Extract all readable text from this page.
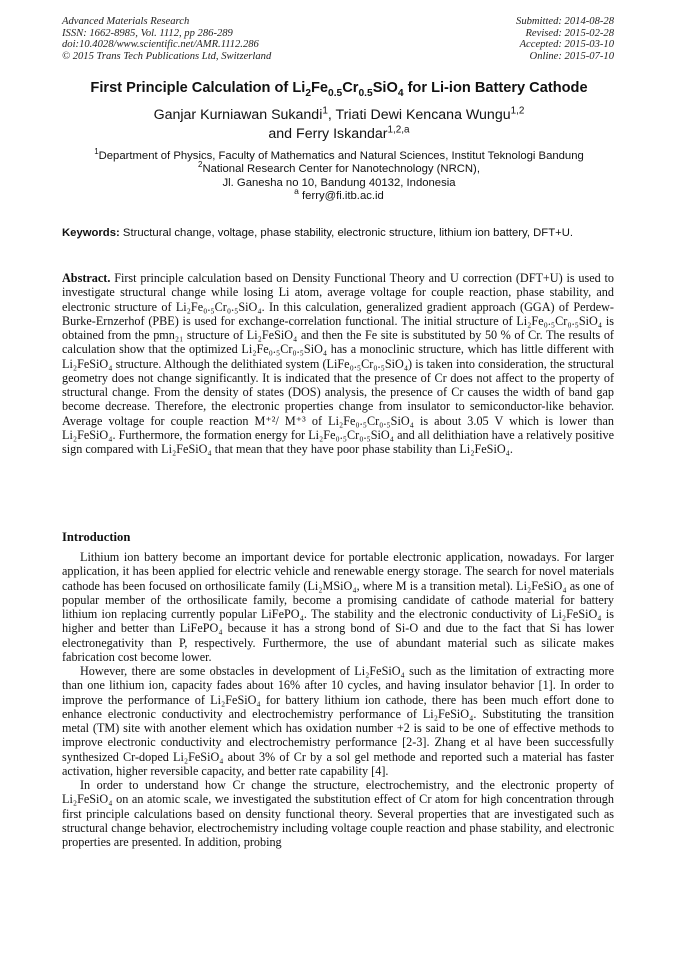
Advanced Materials Research
ISSN: 1662-8985, Vol. 1112, pp 286-289
doi:10.4028/www.scientific.net/AMR.1112.286
© 2015 Trans Tech Publications Ltd, Switzerland
Submitted: 2014-08-28
Revised: 2015-02-28
Accepted: 2015-03-10
Online: 2015-07-10
First Principle Calculation of $Li_2Fe_{0.5}Cr_{0.5}SiO_4$ for Li-ion Battery Cathode
Ganjar Kurniawan Sukandi$^1$, Triati Dewi Kencana Wungu$^{1,2}$
and Ferry Iskandar$^{1,2,a}$
$^1$Department of Physics, Faculty of Mathematics and Natural Sciences, Institut Teknologi Bandung
$^2$National Research Center for Nanotechnology (NRCN),
Jl. Ganesha no 10, Bandung 40132, Indonesia
$^a$ ferry@fi.itb.ac.id
Keywords: Structural change, voltage, phase stability, electronic structure, lithium ion battery, DFT+U.
Abstract. First principle calculation based on Density Functional Theory and U correction (DFT+U) is used to investigate structural change while losing Li atom, average voltage for couple reaction, phase stability, and electronic structure of Li₂Fe₀.₅Cr₀.₅SiO₄. In this calculation, generalized gradient approach (GGA) of Perdew-Burke-Ernzerhof (PBE) is used for exchange-correlation functional. The initial structure of Li₂Fe₀.₅Cr₀.₅SiO₄ is obtained from the pmn₂₁ structure of Li₂FeSiO₄ and then the Fe site is substituted by 50 % of Cr. The results of calculation show that the optimized Li₂Fe₀.₅Cr₀.₅SiO₄ has a monoclinic structure, which has little different with Li₂FeSiO₄ structure. Although the delithiated system (LiFe₀.₅Cr₀.₅SiO₄) is taken into consideration, the structural geometry does not change significantly. It is indicated that the presence of Cr does not affect to the property of structural change. From the density of states (DOS) analysis, the presence of Cr causes the width of band gap become decrease. Therefore, the electronic properties change from insulator to semiconductor-like behavior. Average voltage for couple reaction M⁺²/ M⁺³ of Li₂Fe₀.₅Cr₀.₅SiO₄ is about 3.05 V which is lower than Li₂FeSiO₄. Furthermore, the formation energy for Li₂Fe₀.₅Cr₀.₅SiO₄ and all delithiation have a relatively positive sign compared with Li₂FeSiO₄ that mean that they have poor phase stability than Li₂FeSiO₄.
Introduction

Lithium ion battery become an important device for portable electronic application, nowadays. For larger application, it has been applied for electric vehicle and renewable energy storage. The search for novel materials cathode has been focused on orthosilicate family (Li₂MSiO₄, where M is a transition metal). Li₂FeSiO₄ as one of popular member of the orthosilicate family, become a promising candidate of cathode material for battery lithium ion replacing currently popular LiFePO₄. The stability and the electronic conductivity of Li₂FeSiO₄ is higher and better than LiFePO₄ because it has a strong bond of Si-O and due to the fact that Si has lower electronegativity than P, respectively. Furthermore, the use of abundant material such as silicate makes fabrication cost become lower.

However, there are some obstacles in development of Li₂FeSiO₄ such as the limitation of extracting more than one lithium ion, capacity fades about 16% after 10 cycles, and having insulator behavior [1]. In order to improve the performance of Li₂FeSiO₄ for battery lithium ion cathode, there has been much effort done to enhance electronic conductivity and electrochemistry performance of Li₂FeSiO₄. Substituting the transition metal (TM) site with another element which has oxidation number +2 is said to be one of effective methods to improve electronic conductivity and electrochemistry performance [2-3]. Zhang et al have been successfully synthesized Cr-doped Li₂FeSiO₄ about 3% of Cr by a sol gel methode and reported such a material has faster activation, higher reversible capacity, and better rate capability [4].

In order to understand how Cr change the structure, electrochemistry, and the electronic property of Li₂FeSiO₄ on an atomic scale, we investigated the substitution effect of Cr atom for high concentration through first principle calculations based on density functional theory. Several properties that are investigated such as structural change behavior, electrochemistry including voltage couple reaction and phase stability, and electronic properties are presented. In addition, probing
